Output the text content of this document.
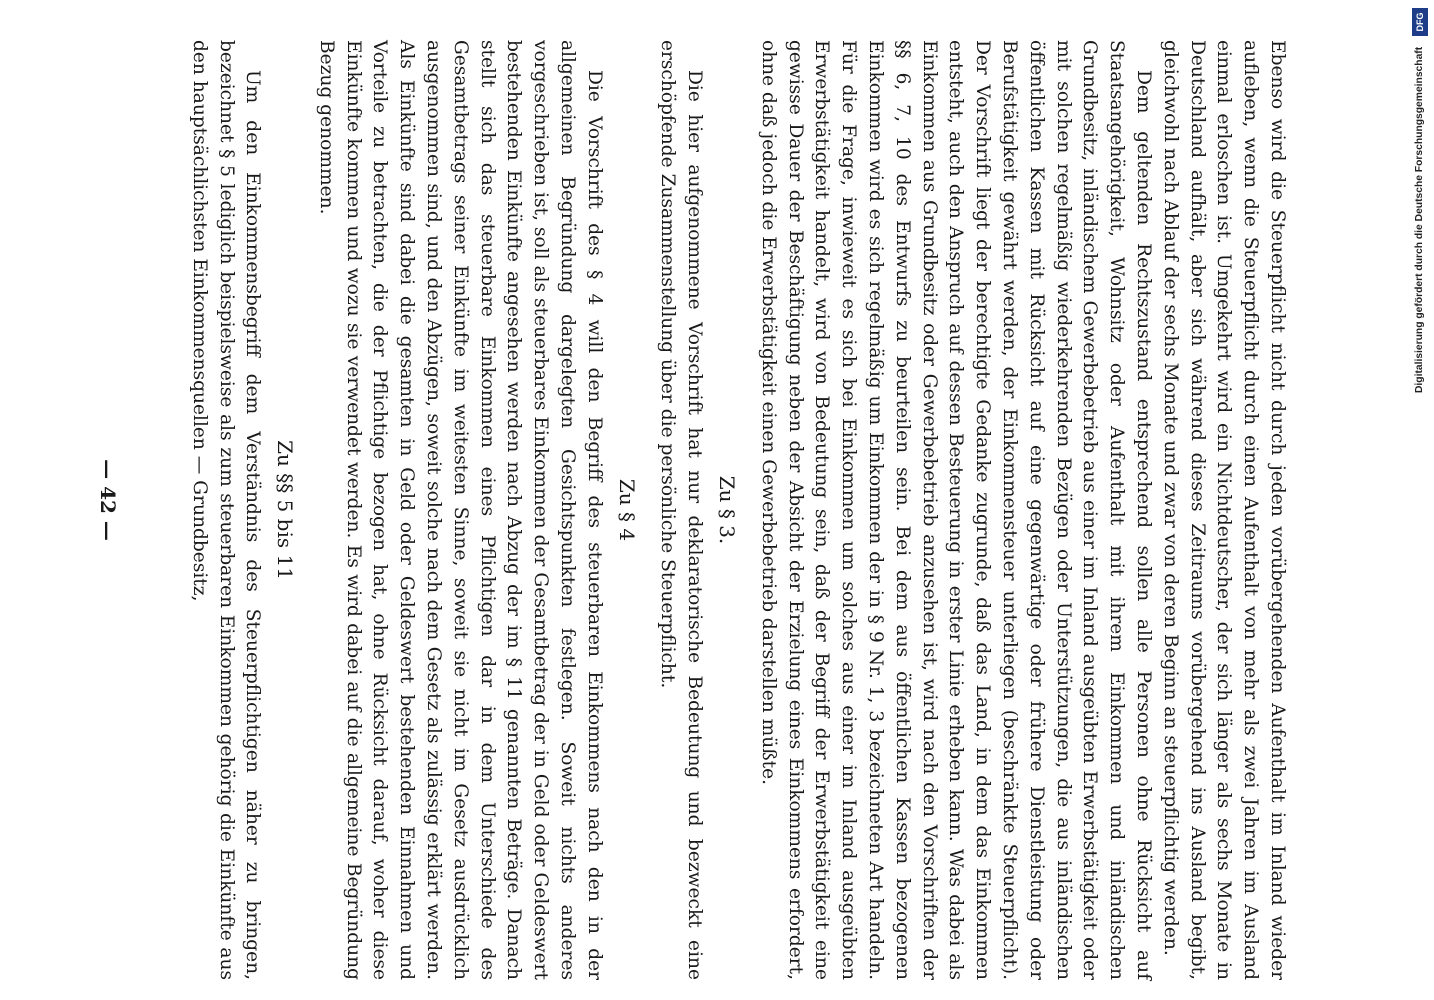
Ebenso wird die Steuerpflicht nicht durch jeden vorübergehenden Aufenthalt im Inland wieder aufleben, wenn die Steuerpflicht durch einen Aufenthalt von mehr als zwei Jahren im Ausland einmal erloschen ist. Umgekehrt wird ein Nichtdeutscher, der sich länger als sechs Monate in Deutschland aufhält, aber sich während dieses Zeitraums vorübergehend ins Ausland begibt, gleichwohl nach Ablauf der sechs Monate und zwar von deren Beginn an steuerpflichtig werden.

Dem geltenden Rechtszustand entsprechend sollen alle Personen ohne Rücksicht auf Staatsangehörigkeit, Wohnsitz oder Aufenthalt mit ihrem Einkommen und inländischen Grundbesitz, inländischem Gewerbebetrieb aus einer im Inland ausgeübten Erwerbstätigkeit oder mit solchen regelmäßig wiederkehrenden Bezügen oder Unterstützungen, die aus inländischen öffentlichen Kassen mit Rücksicht auf eine gegenwärtige oder frühere Dienstleistung oder Berufstätigkeit gewährt werden, der Einkommensteuer unterliegen (beschränkte Steuerpflicht). Der Vorschrift liegt der berechtigte Gedanke zugrunde, daß das Land, in dem das Einkommen entsteht, auch den Anspruch auf dessen Besteuerung in erster Linie erheben kann. Was dabei als Einkommen aus Grundbesitz oder Gewerbebetrieb anzusehen ist, wird nach den Vorschriften der §§ 6, 7, 10 des Entwurfs zu beurteilen sein. Bei dem aus öffentlichen Kassen bezogenen Einkommen wird es sich regelmäßig um Einkommen der in § 9 Nr. 1, 3 bezeichneten Art handeln. Für die Frage, inwieweit es sich bei Einkommen um solches aus einer im Inland ausgeübten Erwerbstätigkeit handelt, wird von Bedeutung sein, daß der Begriff der Erwerbstätigkeit eine gewisse Dauer der Beschäftigung neben der Absicht der Erzielung eines Einkommens erfordert, ohne daß jedoch die Erwerbstätigkeit einen Gewerbebetrieb darstellen müßte.

Zu § 3.

Die hier aufgenommene Vorschrift hat nur deklaratorische Bedeutung und bezweckt eine erschöpfende Zusammenstellung über die persönliche Steuerpflicht.

Zu § 4

Die Vorschrift des § 4 will den Begriff des steuerbaren Einkommens nach den in der allgemeinen Begründung dargelegten Gesichtspunkten festlegen. Soweit nichts anderes vorgeschrieben ist, soll als steuerbares Einkommen der Gesamtbetrag der in Geld oder Geldeswert bestehenden Einkünfte angesehen werden nach Abzug der im § 11 genannten Beträge. Danach stellt sich das steuerbare Einkommen eines Pflichtigen dar in dem Unterschiede des Gesamtbetrags seiner Einkünfte im weitesten Sinne, soweit sie nicht im Gesetz ausdrücklich ausgenommen sind, und den Abzügen, soweit solche nach dem Gesetz als zulässig erklärt werden. Als Einkünfte sind dabei die gesamten in Geld oder Geldeswert bestehenden Einnahmen und Vorteile zu betrachten, die der Pflichtige bezogen hat, ohne Rücksicht darauf, woher diese Einkünfte kommen und wozu sie verwendet werden. Es wird dabei auf die allgemeine Begründung Bezug genommen.

Zu §§ 5 bis 11

Um den Einkommensbegriff dem Verständnis des Steuerpflichtigen näher zu bringen, bezeichnet § 5 lediglich beispielsweise als zum steuerbaren Einkommen gehörig die Einkünfte aus den hauptsächlichsten Einkommensquellen — Grundbesitz,

— 42 —
DFG
Digitalisierung gefördert durch die Deutsche Forschungsgemeinschaft
